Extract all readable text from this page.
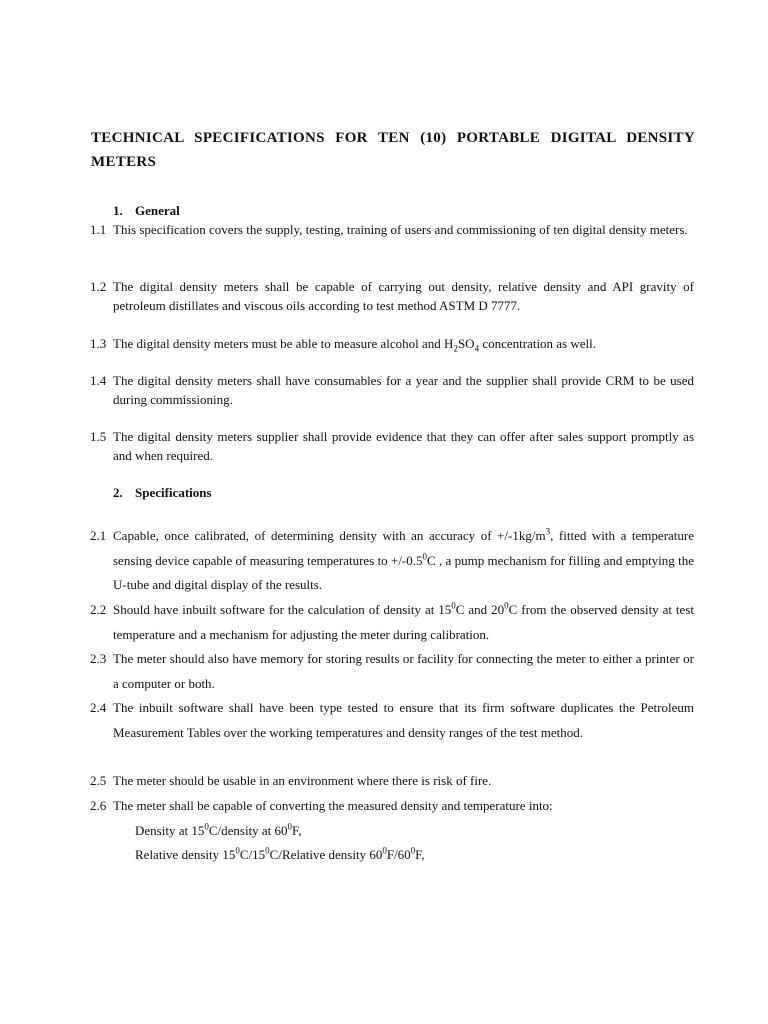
TECHNICAL SPECIFICATIONS FOR TEN (10) PORTABLE DIGITAL DENSITY METERS
1. General
1.1 This specification covers the supply, testing, training of users and commissioning of ten digital density meters.
1.2 The digital density meters shall be capable of carrying out density, relative density and API gravity of petroleum distillates and viscous oils according to test method ASTM D 7777.
1.3 The digital density meters must be able to measure alcohol and $H_2SO_4$ concentration as well.
1.4 The digital density meters shall have consumables for a year and the supplier shall provide CRM to be used during commissioning.
1.5 The digital density meters supplier shall provide evidence that they can offer after sales support promptly as and when required.
2. Specifications
2.1 Capable, once calibrated, of determining density with an accuracy of $+/-1kg/m^3$, fitted with a temperature sensing device capable of measuring temperatures to $+/-0.5^0C$ , a pump mechanism for filling and emptying the U-tube and digital display of the results.
2.2 Should have inbuilt software for the calculation of density at $15^0C$ and $20^0C$ from the observed density at test temperature and a mechanism for adjusting the meter during calibration.
2.3 The meter should also have memory for storing results or facility for connecting the meter to either a printer or a computer or both.
2.4 The inbuilt software shall have been type tested to ensure that its firm software duplicates the Petroleum Measurement Tables over the working temperatures and density ranges of the test method.
2.5 The meter should be usable in an environment where there is risk of fire.
2.6 The meter shall be capable of converting the measured density and temperature into:
Density at $15^0C$/density at $60^0F$,
Relative density $15^0C/15^0C$/Relative density $60^0F/60^0F$,
